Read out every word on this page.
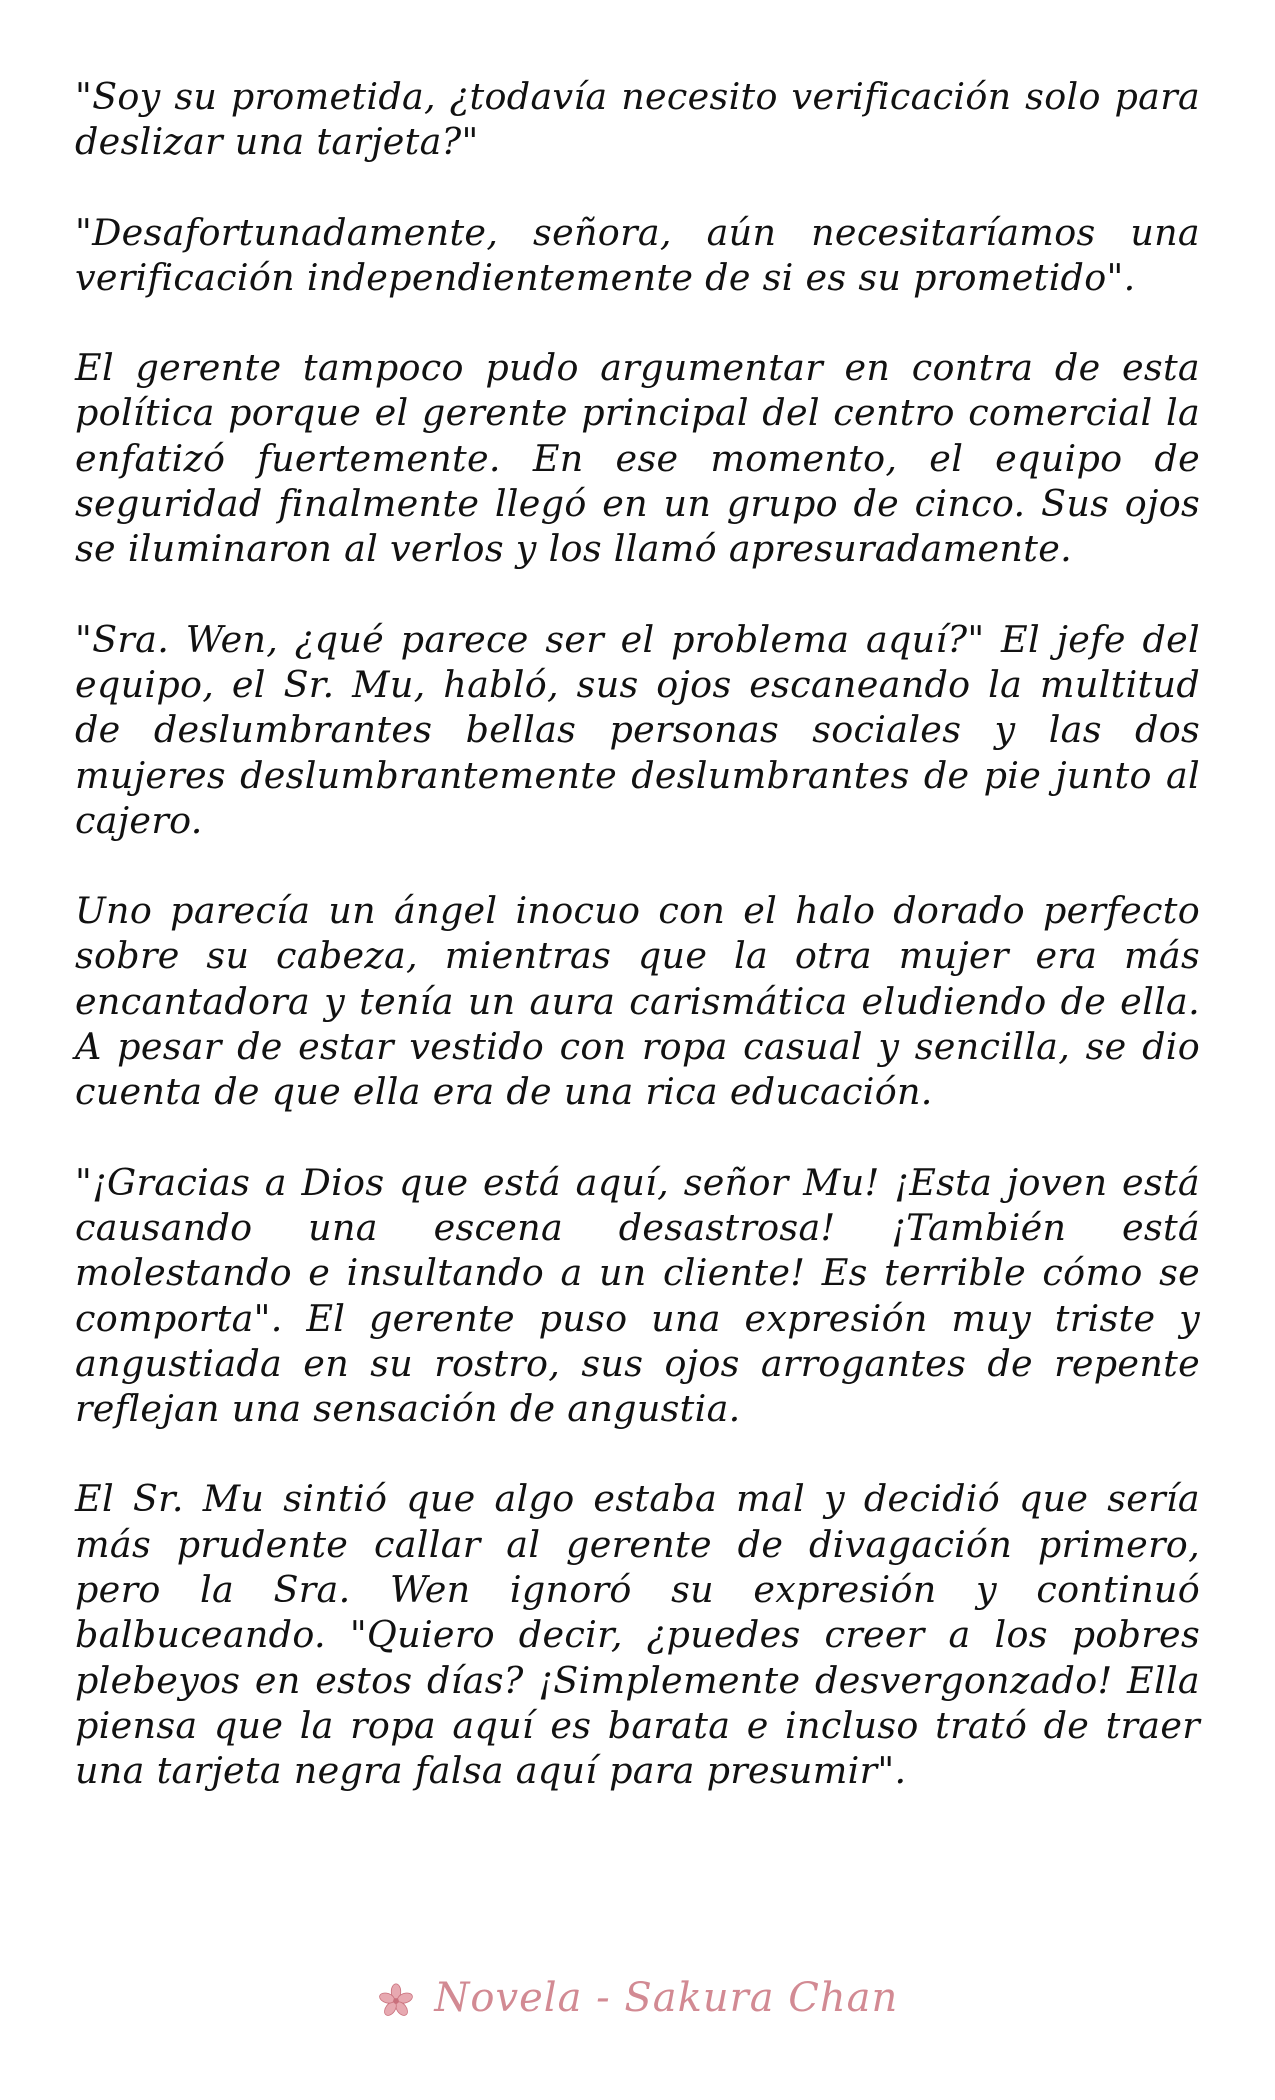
"Soy su prometida, ¿todavía necesito verificación solo para deslizar una tarjeta?"

"Desafortunadamente, señora, aún necesitaríamos una verificación independientemente de si es su prometido".

El gerente tampoco pudo argumentar en contra de esta política porque el gerente principal del centro comercial la enfatizó fuertemente. En ese momento, el equipo de seguridad finalmente llegó en un grupo de cinco. Sus ojos se iluminaron al verlos y los llamó apresuradamente.

"Sra. Wen, ¿qué parece ser el problema aquí?" El jefe del equipo, el Sr. Mu, habló, sus ojos escaneando la multitud de deslumbrantes bellas personas sociales y las dos mujeres deslumbrantemente deslumbrantes de pie junto al cajero.

Uno parecía un ángel inocuo con el halo dorado perfecto sobre su cabeza, mientras que la otra mujer era más encantadora y tenía un aura carismática eludiendo de ella. A pesar de estar vestido con ropa casual y sencilla, se dio cuenta de que ella era de una rica educación.

"¡Gracias a Dios que está aquí, señor Mu! ¡Esta joven está causando una escena desastrosa! ¡También está molestando e insultando a un cliente! Es terrible cómo se comporta". El gerente puso una expresión muy triste y angustiada en su rostro, sus ojos arrogantes de repente reflejan una sensación de angustia.

El Sr. Mu sintió que algo estaba mal y decidió que sería más prudente callar al gerente de divagación primero, pero la Sra. Wen ignoró su expresión y continuó balbuceando. "Quiero decir, ¿puedes creer a los pobres plebeyos en estos días? ¡Simplemente desvergonzado! Ella piensa que la ropa aquí es barata e incluso trató de traer una tarjeta negra falsa aquí para presumir".

Novela - Sakura Chan
